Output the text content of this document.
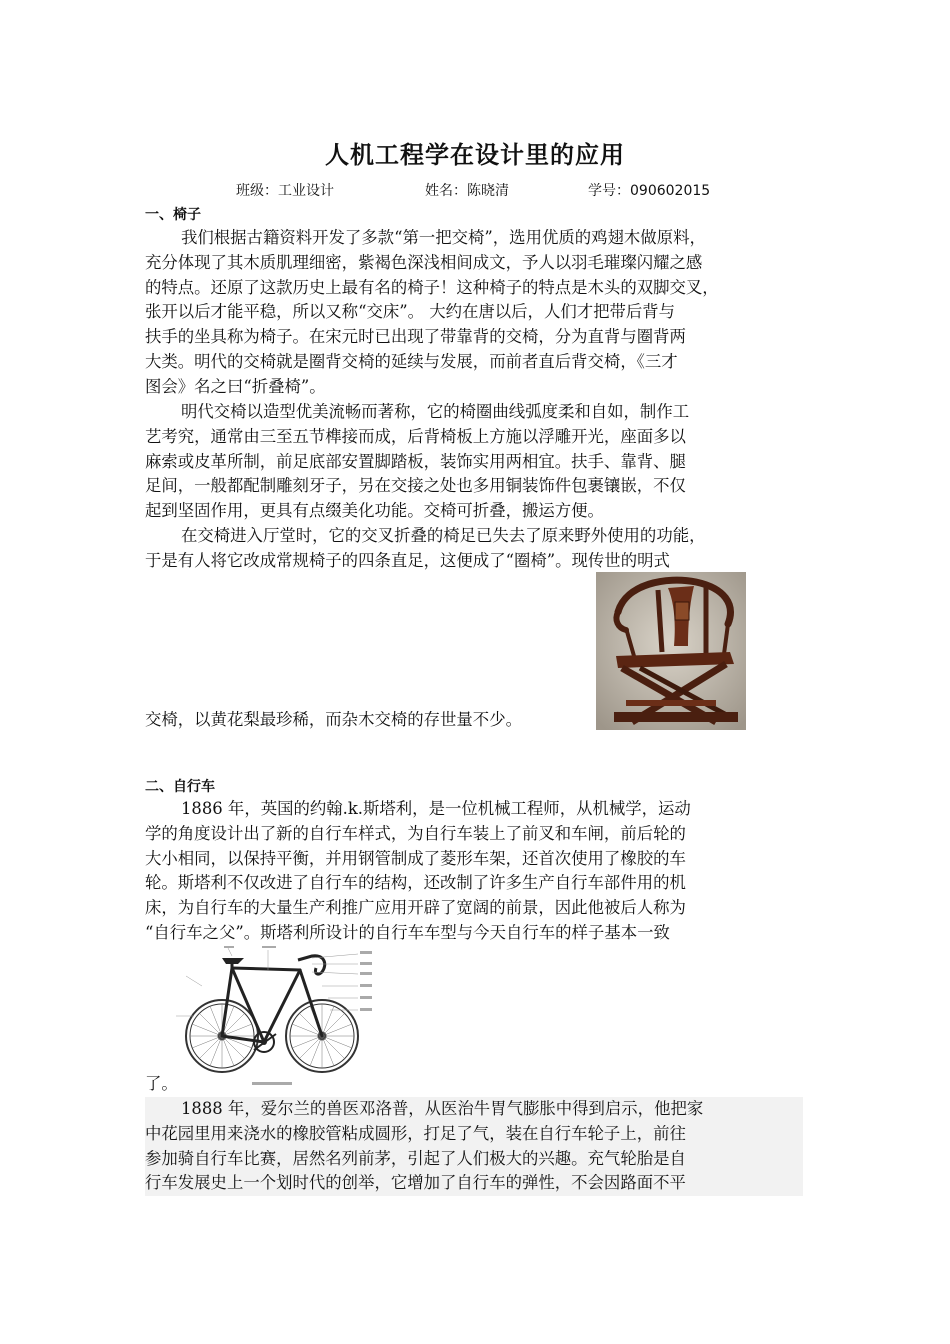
人机工程学在设计里的应用
班级：工业设计	姓名：陈晓清	学号：090602015
一、椅子

我们根据古籍资料开发了多款“第一把交椅”，选用优质的鸡翅木做原料，
充分体现了其木质肌理细密，紫褐色深浅相间成文，予人以羽毛璀璨闪耀之感
的特点。还原了这款历史上最有名的椅子！这种椅子的特点是木头的双脚交叉，
张开以后才能平稳，所以又称“交床”。 大约在唐以后，人们才把带后背与
扶手的坐具称为椅子。在宋元时已出现了带靠背的交椅，分为直背与圈背两
大类。明代的交椅就是圈背交椅的延续与发展，而前者直后背交椅，《三才
图会》名之曰“折叠椅”。

明代交椅以造型优美流畅而著称，它的椅圈曲线弧度柔和自如，制作工
艺考究，通常由三至五节榫接而成，后背椅板上方施以浮雕开光，座面多以
麻索或皮革所制，前足底部安置脚踏板，装饰实用两相宜。扶手、靠背、腿
足间，一般都配制雕刻牙子，另在交接之处也多用铜装饰件包裹镶嵌，不仅
起到坚固作用，更具有点缀美化功能。交椅可折叠，搬运方便。

在交椅进入厅堂时，它的交叉折叠的椅足已失去了原来野外使用的功能，
于是有人将它改成常规椅子的四条直足，这便成了“圈椅”。现传世的明式

交椅，以黄花梨最珍稀，而杂木交椅的存世量不少。

二、自行车

1886 年，英国的约翰.k.斯塔利，是一位机械工程师，从机械学，运动
学的角度设计出了新的自行车样式，为自行车装上了前叉和车闸，前后轮的
大小相同，以保持平衡，并用钢管制成了菱形车架，还首次使用了橡胶的车
轮。斯塔利不仅改进了自行车的结构，还改制了许多生产自行车部件用的机
床，为自行车的大量生产利推广应用开辟了宽阔的前景，因此他被后人称为
“自行车之父”。斯塔利所设计的自行车车型与今天自行车的样子基本一致

了。

1888 年，爱尔兰的兽医邓洛普，从医治牛胃气膨胀中得到启示，他把家
中花园里用来浇水的橡胶管粘成圆形，打足了气，装在自行车轮子上，前往
参加骑自行车比赛，居然名列前茅，引起了人们极大的兴趣。充气轮胎是自
行车发展史上一个划时代的创举，它增加了自行车的弹性，不会因路面不平
